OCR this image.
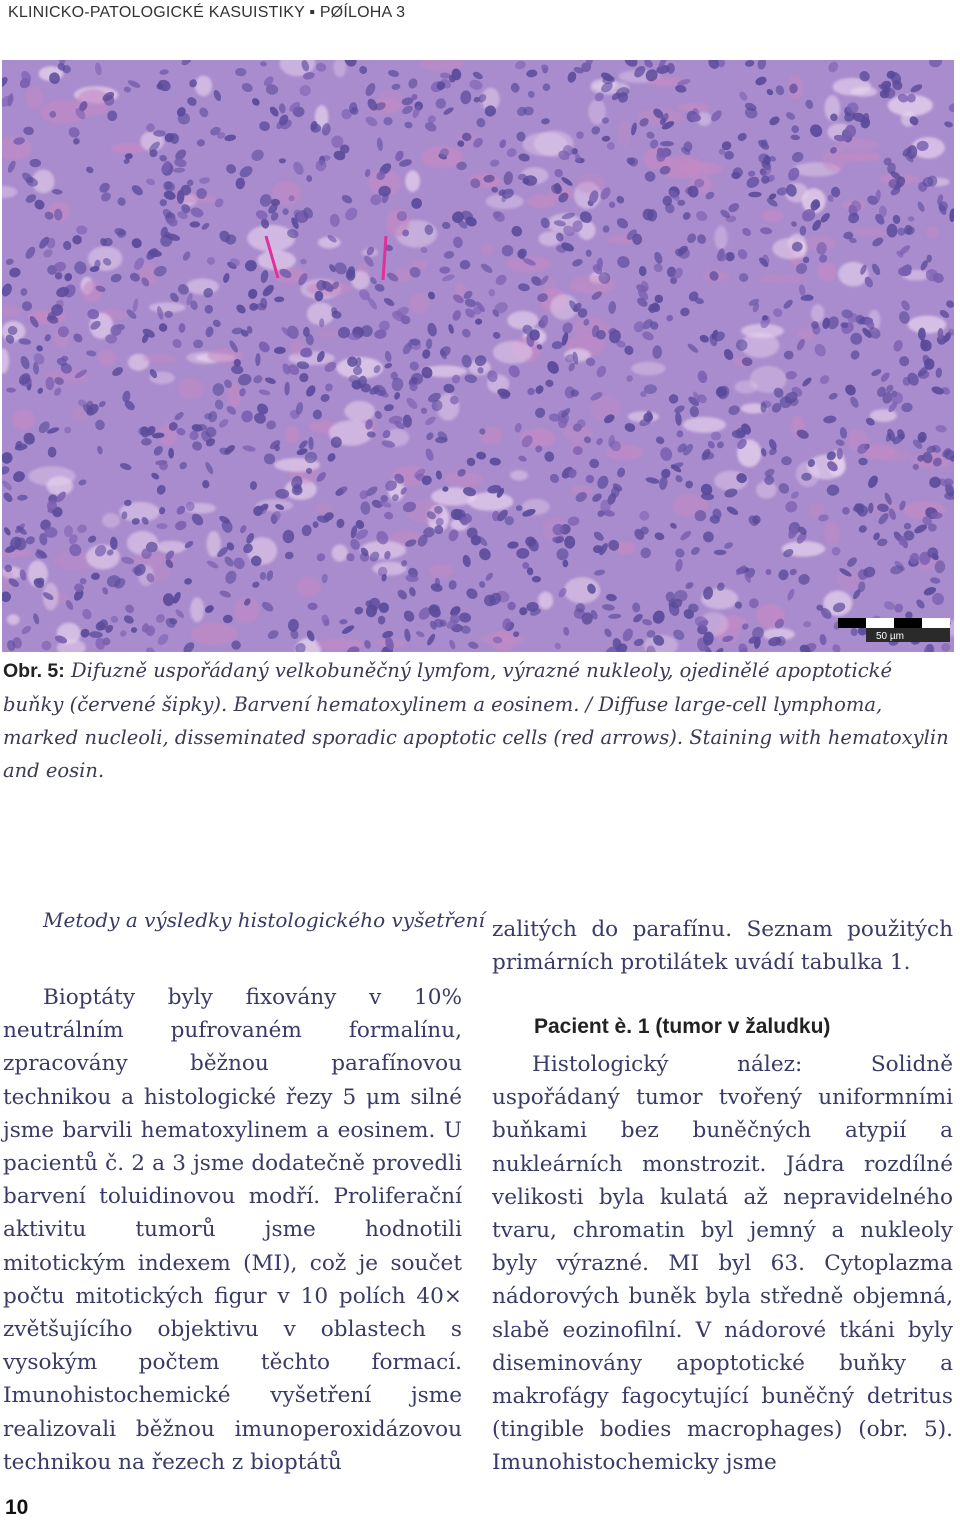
KLINICKO-PATOLOGICKÉ KASUISTIKY ▪ PØÍLOHA 3
50 µm
Obr. 5: Difuzně uspořádaný velkobuněčný lymfom, výrazné nukleoly, ojedinělé apoptotické buňky (červené šipky). Barvení hematoxylinem a eosinem. / Diffuse large-cell lymphoma, marked nucleoli, disseminated sporadic apoptotic cells (red arrows). Staining with hematoxylin and eosin.
Metody a výsledky histologického vyšetření
Bioptáty byly fixovány v 10% neutrálním pufrovaném formalínu, zpracovány běžnou parafínovou technikou a histologické řezy 5 μm silné jsme barvili hematoxylinem a eosinem. U pacientů č. 2 a 3 jsme dodatečně provedli barvení toluidinovou modří. Proliferační aktivitu tumorů jsme hodnotili mitotickým indexem (MI), což je součet počtu mitotických figur v 10 polích 40× zvětšujícího objektivu v oblastech s vysokým počtem těchto formací. Imunohistochemické vyšetření jsme realizovali běžnou imunoperoxidázovou technikou na řezech z bioptátů
zalitých do parafínu. Seznam použitých primárních protilátek uvádí tabulka 1.
Pacient è. 1 (tumor v žaludku)
Histologický nález: Solidně uspořádaný tumor tvořený uniformními buňkami bez buněčných atypií a nukleárních monstrozit. Jádra rozdílné velikosti byla kulatá až nepravidelného tvaru, chromatin byl jemný a nukleoly byly výrazné. MI byl 63. Cytoplazma nádorových buněk byla středně objemná, slabě eozinofilní. V nádorové tkáni byly diseminovány apoptotické buňky a makrofágy fagocytující buněčný detritus (tingible bodies macrophages) (obr. 5). Imunohistochemicky jsme
10
